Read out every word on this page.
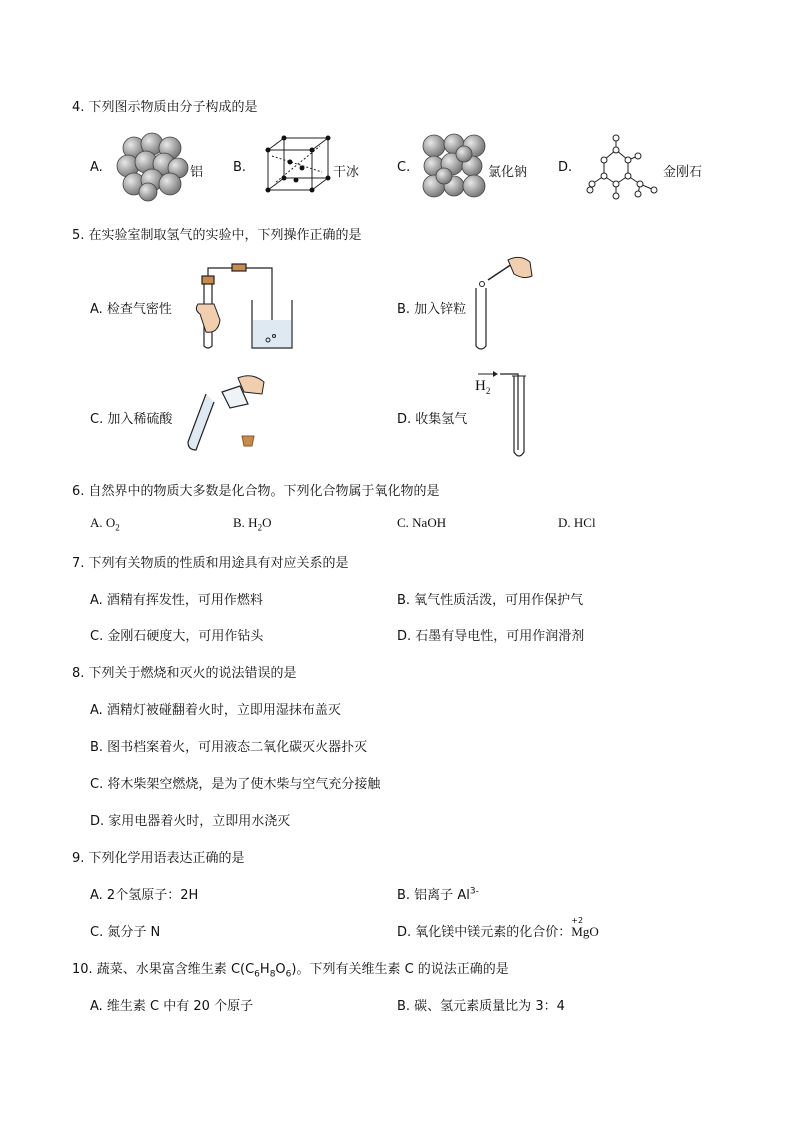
4. 下列图示物质由分子构成的是
A.	铝 B.	干冰	C.	氯化钠 D.	金刚石
5. 在实验室制取氢气的实验中，下列操作正确的是
A. 检查气密性	B. 加入锌粒
C. 加入稀硫酸	D. 收集氢气
$H_2$
6. 自然界中的物质大多数是化合物。下列化合物属于氧化物的是
A. $O_2$	B. $H_2O$	C. NaOH	D. HCl
7. 下列有关物质的性质和用途具有对应关系的是
A. 酒精有挥发性，可用作燃料	B. 氧气性质活泼，可用作保护气
C. 金刚石硬度大，可用作钻头	D. 石墨有导电性，可用作润滑剂
8. 下列关于燃烧和灭火的说法错误的是
A. 酒精灯被碰翻着火时，立即用湿抹布盖灭
B. 图书档案着火，可用液态二氧化碳灭火器扑灭
C. 将木柴架空燃烧，是为了使木柴与空气充分接触
D. 家用电器着火时，立即用水浇灭
9. 下列化学用语表达正确的是
A. 2个氢原子：2H	B. 铝离子 $Al^{3-}$
C. 氮分子 N	D. 氧化镁中镁元素的化合价：
+2
MgO
10. 蔬菜、水果富含维生素 $C(C_6H_8O_6)$。下列有关维生素 C 的说法正确的是
A. 维生素 C 中有 20 个原子	B. 碳、氢元素质量比为 3：4
